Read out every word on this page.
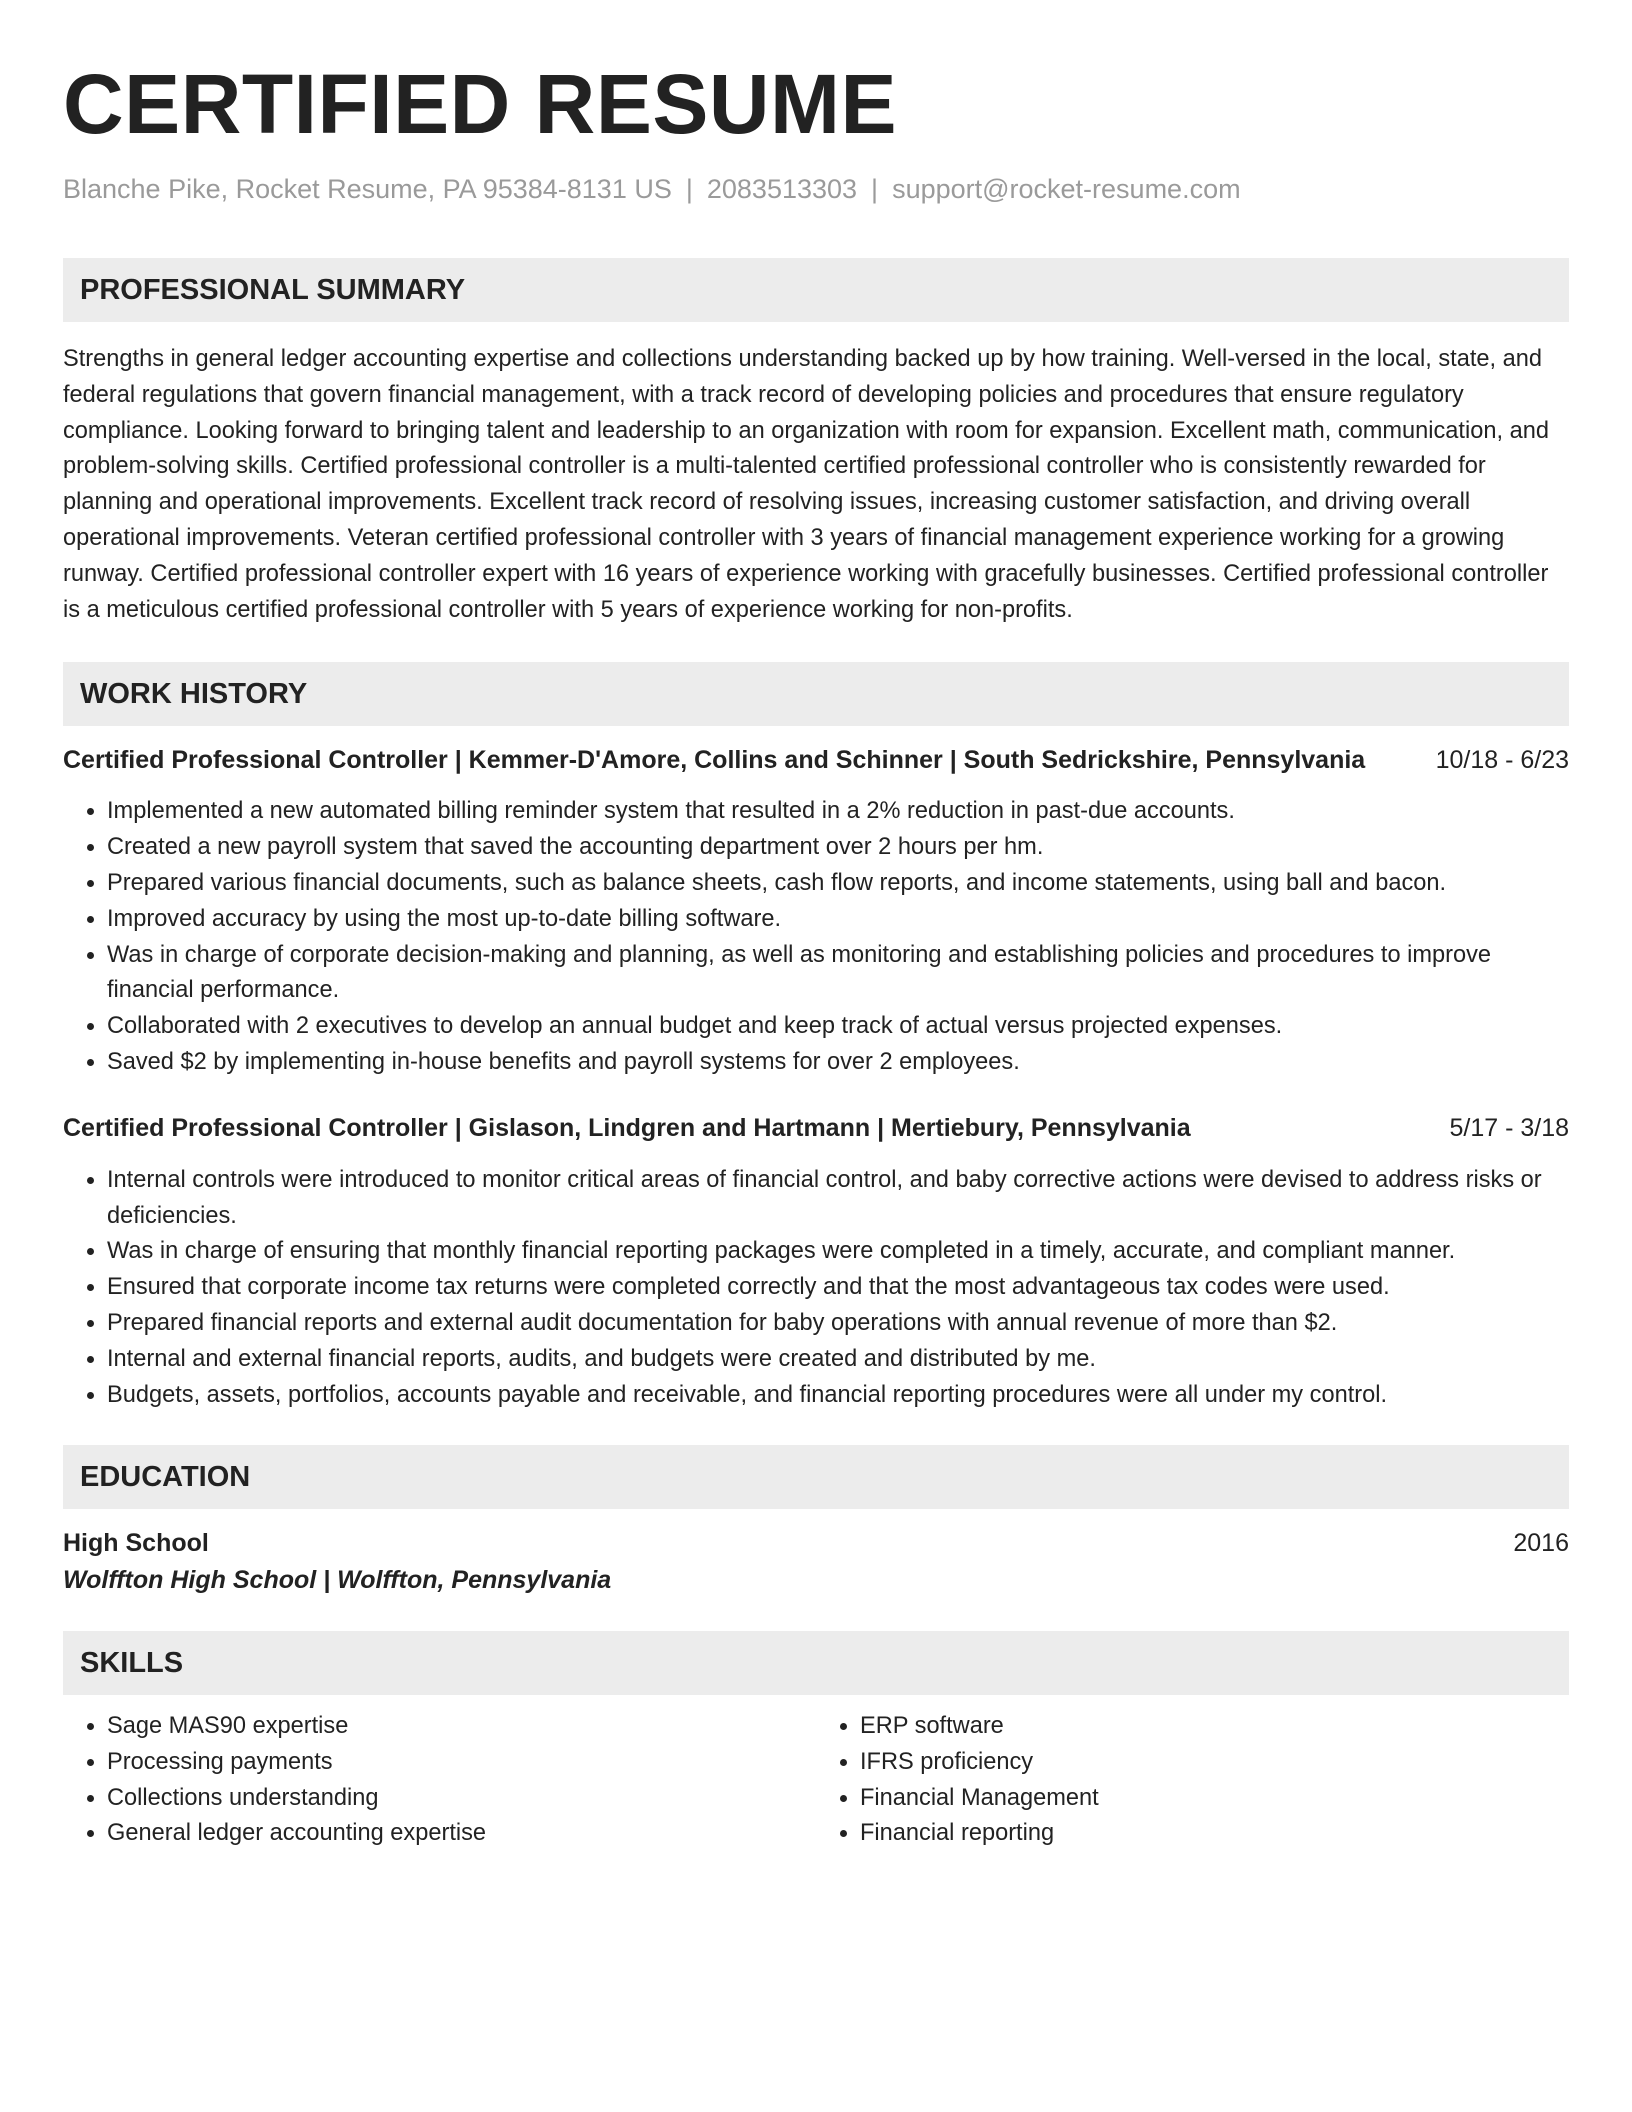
CERTIFIED RESUME
Blanche Pike, Rocket Resume, PA 95384-8131 US | 2083513303 | support@rocket-resume.com
PROFESSIONAL SUMMARY

Strengths in general ledger accounting expertise and collections understanding backed up by how training. Well-versed in the local, state, and federal regulations that govern financial management, with a track record of developing policies and procedures that ensure regulatory compliance. Looking forward to bringing talent and leadership to an organization with room for expansion. Excellent math, communication, and problem-solving skills. Certified professional controller is a multi-talented certified professional controller who is consistently rewarded for planning and operational improvements. Excellent track record of resolving issues, increasing customer satisfaction, and driving overall operational improvements. Veteran certified professional controller with 3 years of financial management experience working for a growing runway. Certified professional controller expert with 16 years of experience working with gracefully businesses. Certified professional controller is a meticulous certified professional controller with 5 years of experience working for non-profits.

WORK HISTORY
Certified Professional Controller | Kemmer-D'Amore, Collins and Schinner | South Sedrickshire, Pennsylvania	10/18 - 6/23
• Implemented a new automated billing reminder system that resulted in a 2% reduction in past-due accounts.
• Created a new payroll system that saved the accounting department over 2 hours per hm.
• Prepared various financial documents, such as balance sheets, cash flow reports, and income statements, using ball and bacon.
• Improved accuracy by using the most up-to-date billing software.
• Was in charge of corporate decision-making and planning, as well as monitoring and establishing policies and procedures to improve financial performance.
• Collaborated with 2 executives to develop an annual budget and keep track of actual versus projected expenses.
• Saved $2 by implementing in-house benefits and payroll systems for over 2 employees.
Certified Professional Controller | Gislason, Lindgren and Hartmann | Mertiebury, Pennsylvania	5/17 - 3/18
• Internal controls were introduced to monitor critical areas of financial control, and baby corrective actions were devised to address risks or deficiencies.
• Was in charge of ensuring that monthly financial reporting packages were completed in a timely, accurate, and compliant manner.
• Ensured that corporate income tax returns were completed correctly and that the most advantageous tax codes were used.
• Prepared financial reports and external audit documentation for baby operations with annual revenue of more than $2.
• Internal and external financial reports, audits, and budgets were created and distributed by me.
• Budgets, assets, portfolios, accounts payable and receivable, and financial reporting procedures were all under my control.
EDUCATION
High School	2016
Wolffton High School | Wolffton, Pennsylvania
SKILLS
• Sage MAS90 expertise
• Processing payments
• Collections understanding
• General ledger accounting expertise
• ERP software
• IFRS proficiency
• Financial Management
• Financial reporting
